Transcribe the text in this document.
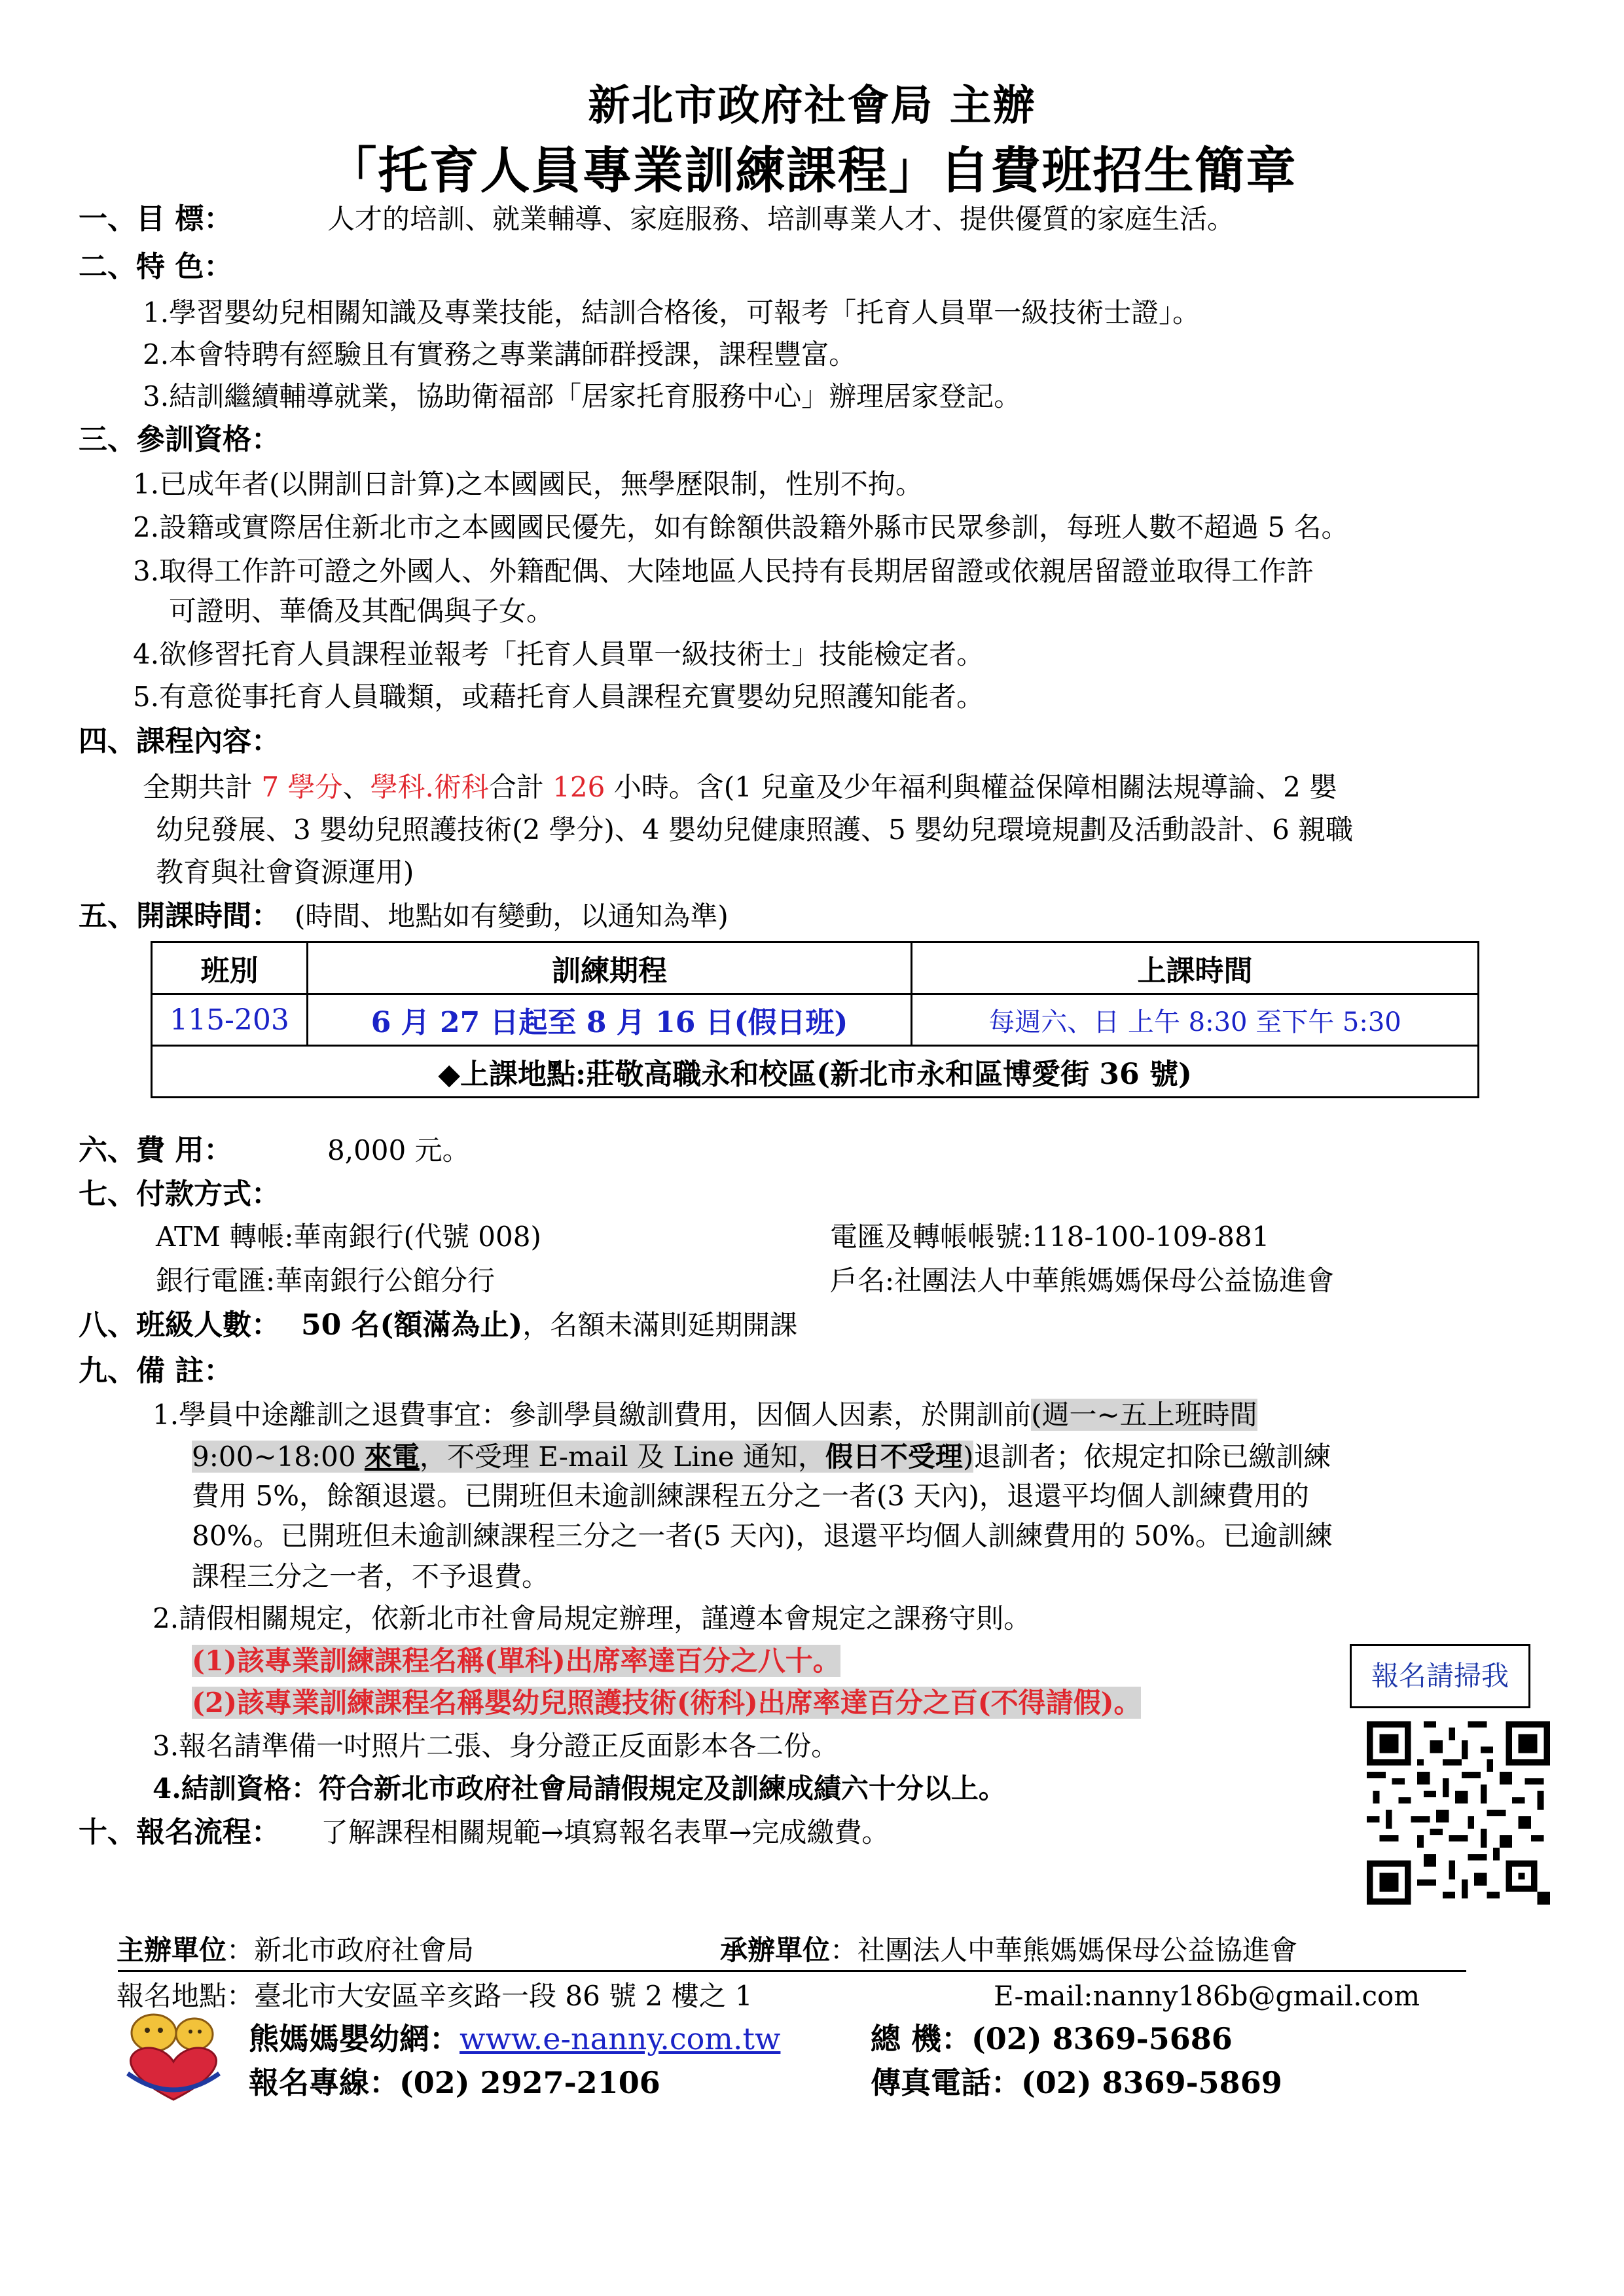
新北市政府社會局 主辦
「托育人員專業訓練課程」自費班招生簡章
一、目 標：	人才的培訓、就業輔導、家庭服務、培訓專業人才、提供優質的家庭生活。
二、特 色：
1.學習嬰幼兒相關知識及專業技能，結訓合格後，可報考「托育人員單一級技術士證」。
2.本會特聘有經驗且有實務之專業講師群授課，課程豐富。
3.結訓繼續輔導就業，協助衛福部「居家托育服務中心」辦理居家登記。
三、參訓資格：
1.已成年者(以開訓日計算)之本國國民，無學歷限制，性別不拘。
2.設籍或實際居住新北市之本國國民優先，如有餘額供設籍外縣市民眾參訓，每班人數不超過 5 名。
3.取得工作許可證之外國人、外籍配偶、大陸地區人民持有長期居留證或依親居留證並取得工作許
可證明、華僑及其配偶與子女。
4.欲修習托育人員課程並報考「托育人員單一級技術士」技能檢定者。
5.有意從事托育人員職類，或藉托育人員課程充實嬰幼兒照護知能者。
四、課程內容：
全期共計 7 學分、學科.術科合計 126 小時。含(1 兒童及少年福利與權益保障相關法規導論、2 嬰
幼兒發展、3 嬰幼兒照護技術(2 學分)、4 嬰幼兒健康照護、5 嬰幼兒環境規劃及活動設計、6 親職
教育與社會資源運用)
五、開課時間： (時間、地點如有變動，以通知為準)
班別	訓練期程	上課時間
115-203	6 月 27 日起至 8 月 16 日(假日班)	每週六、日 上午 8:30 至下午 5:30
◆上課地點:莊敬高職永和校區(新北市永和區博愛街 36 號)		
六、費 用：	8,000 元。
七、付款方式：
ATM 轉帳:華南銀行(代號 008)	電匯及轉帳帳號:118-100-109-881
銀行電匯:華南銀行公館分行	戶名:社團法人中華熊媽媽保母公益協進會
八、班級人數： 50 名(額滿為止)，名額未滿則延期開課
九、備 註：
1.學員中途離訓之退費事宜：參訓學員繳訓費用，因個人因素，於開訓前(週一~五上班時間
9:00~18:00 來電，不受理 E-mail 及 Line 通知，假日不受理)退訓者；依規定扣除已繳訓練
費用 5%，餘額退還。已開班但未逾訓練課程五分之一者(3 天內)，退還平均個人訓練費用的
80%。已開班但未逾訓練課程三分之一者(5 天內)，退還平均個人訓練費用的 50%。已逾訓練
課程三分之一者，不予退費。
2.請假相關規定，依新北市社會局規定辦理，謹遵本會規定之課務守則。
(1)該專業訓練課程名稱(單科)出席率達百分之八十。
(2)該專業訓練課程名稱嬰幼兒照護技術(術科)出席率達百分之百(不得請假)。
3.報名請準備一吋照片二張、身分證正反面影本各二份。
4.結訓資格：符合新北市政府社會局請假規定及訓練成績六十分以上。
十、報名流程： 了解課程相關規範→填寫報名表單→完成繳費。
報名請掃我
主辦單位：新北市政府社會局	承辦單位：社團法人中華熊媽媽保母公益協進會
報名地點：臺北市大安區辛亥路一段 86 號 2 樓之 1	E-mail:nanny186b@gmail.com
熊媽媽嬰幼網：www.e-nanny.com.tw	總 機：(02) 8369-5686
報名專線：(02) 2927-2106	傳真電話：(02) 8369-5869
